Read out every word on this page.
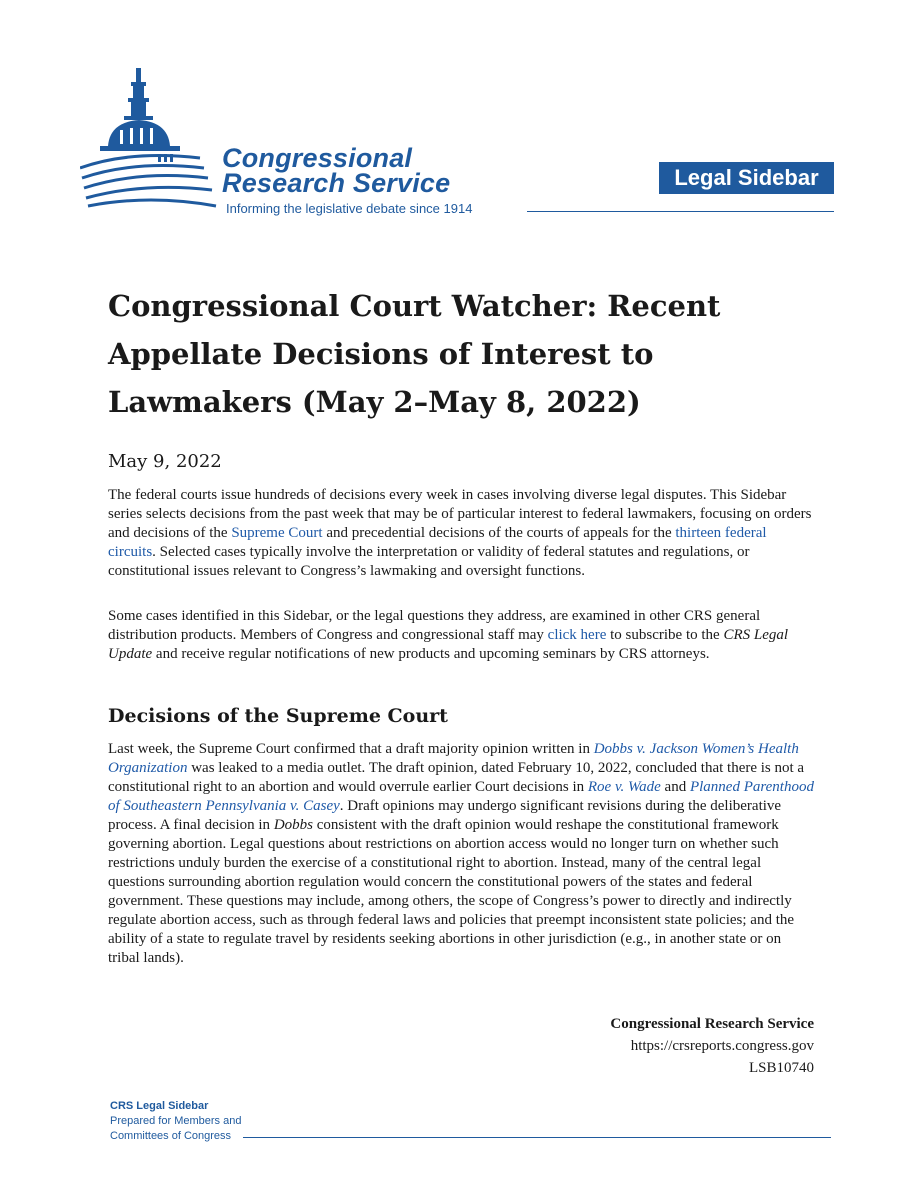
Congressional
Research Service
Informing the legislative debate since 1914
Legal Sidebar
Congressional Court Watcher: Recent Appellate Decisions of Interest to Lawmakers (May 2–May 8, 2022)
May 9, 2022

The federal courts issue hundreds of decisions every week in cases involving diverse legal disputes. This Sidebar series selects decisions from the past week that may be of particular interest to federal lawmakers, focusing on orders and decisions of the Supreme Court and precedential decisions of the courts of appeals for the thirteen federal circuits. Selected cases typically involve the interpretation or validity of federal statutes and regulations, or constitutional issues relevant to Congress’s lawmaking and oversight functions.

Some cases identified in this Sidebar, or the legal questions they address, are examined in other CRS general distribution products. Members of Congress and congressional staff may click here to subscribe to the CRS Legal Update and receive regular notifications of new products and upcoming seminars by CRS attorneys.

Decisions of the Supreme Court

Last week, the Supreme Court confirmed that a draft majority opinion written in Dobbs v. Jackson Women’s Health Organization was leaked to a media outlet. The draft opinion, dated February 10, 2022, concluded that there is not a constitutional right to an abortion and would overrule earlier Court decisions in Roe v. Wade and Planned Parenthood of Southeastern Pennsylvania v. Casey. Draft opinions may undergo significant revisions during the deliberative process. A final decision in Dobbs consistent with the draft opinion would reshape the constitutional framework governing abortion. Legal questions about restrictions on abortion access would no longer turn on whether such restrictions unduly burden the exercise of a constitutional right to abortion. Instead, many of the central legal questions surrounding abortion regulation would concern the constitutional powers of the states and federal government. These questions may include, among others, the scope of Congress’s power to directly and indirectly regulate abortion access, such as through federal laws and policies that preempt inconsistent state policies; and the ability of a state to regulate travel by residents seeking abortions in other jurisdiction (e.g., in another state or on tribal lands).

Congressional Research Service
https://crsreports.congress.gov
LSB10740
CRS Legal Sidebar
Prepared for Members and
Committees of Congress
